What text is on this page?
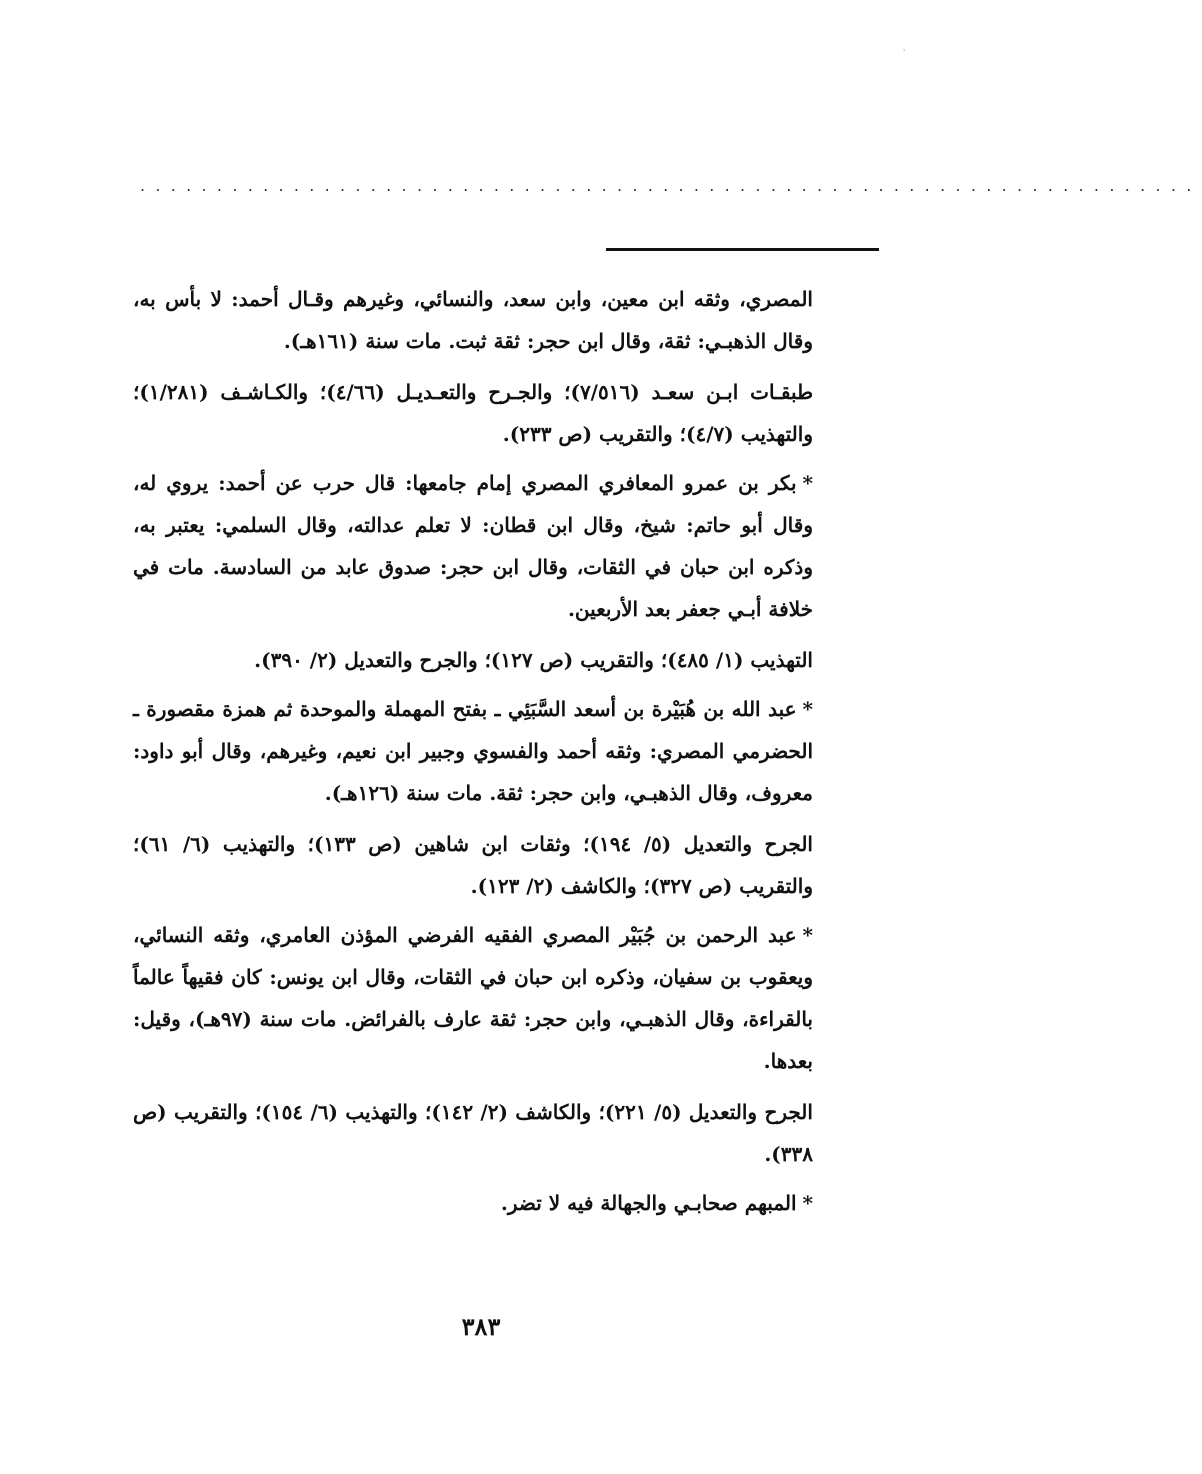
'
.....................................................................

المصري، وثقه ابن معين، وابن سعد، والنسائي، وغيرهم وقـال أحمد: لا بأس به، وقال الذهبـي: ثقة، وقال ابن حجر: ثقة ثبت. مات سنة (١٦١هـ).

طبقـات ابـن سعـد (٧/٥١٦)؛ والجـرح والتعـديـل (٤/٦٦)؛ والكـاشـف (١/٢٨١)؛ والتهذيب (٤/٧)؛ والتقريب (ص ٢٣٣).

*بكر بن عمرو المعافري المصري إمام جامعها: قال حرب عن أحمد: يروي له، وقال أبو حاتم: شيخ، وقال ابن قطان: لا تعلم عدالته، وقال السلمي: يعتبر به، وذكره ابن حبان في الثقات، وقال ابن حجر: صدوق عابد من السادسة. مات في خلافة أبـي جعفر بعد الأربعين.

التهذيب (١/ ٤٨٥)؛ والتقريب (ص ١٢٧)؛ والجرح والتعديل (٢/ ٣٩٠).

*عبد الله بن هُبَيْرة بن أسعد السَّبَئِي ـ بفتح المهملة والموحدة ثم همزة مقصورة ـ الحضرمي المصري: وثقه أحمد والفسوي وجبير ابن نعيم، وغيرهم، وقال أبو داود: معروف، وقال الذهبـي، وابن حجر: ثقة. مات سنة (١٢٦هـ).

الجرح والتعديل (٥/ ١٩٤)؛ وثقات ابن شاهين (ص ١٣٣)؛ والتهذيب (٦/ ٦١)؛ والتقريب (ص ٣٢٧)؛ والكاشف (٢/ ١٢٣).

*عبد الرحمن بن جُبَيْر المصري الفقيه الفرضي المؤذن العامري، وثقه النسائي، ويعقوب بن سفيان، وذكره ابن حبان في الثقات، وقال ابن يونس: كان فقيهاً عالماً بالقراءة، وقال الذهبـي، وابن حجر: ثقة عارف بالفرائض. مات سنة (٩٧هـ)، وقيل: بعدها.

الجرح والتعديل (٥/ ٢٢١)؛ والكاشف (٢/ ١٤٢)؛ والتهذيب (٦/ ١٥٤)؛ والتقريب (ص ٣٣٨).

*المبهم صحابـي والجهالة فيه لا تضر.

٣٨٣
